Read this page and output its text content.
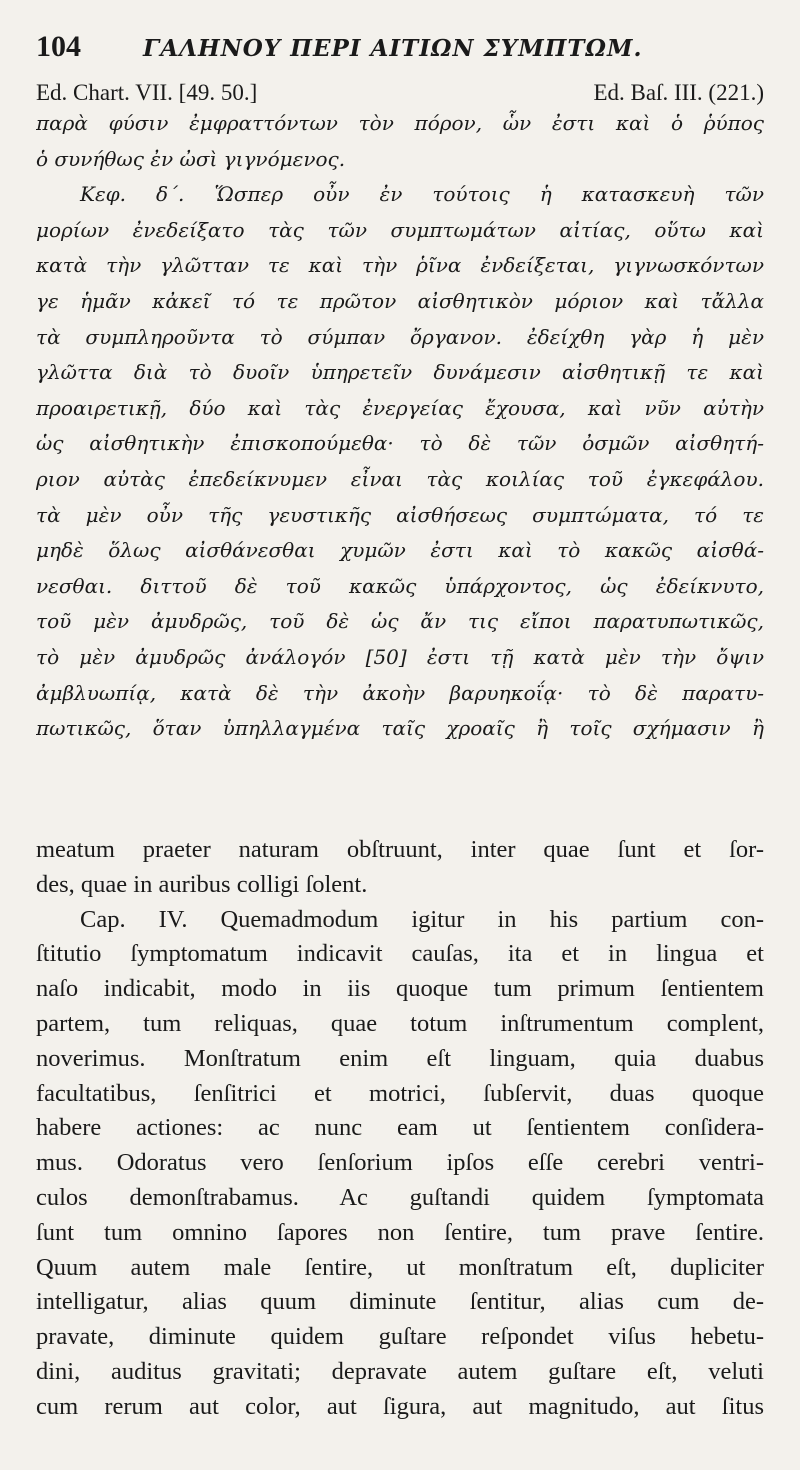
104	ΓΑΛΗΝΟΥ ΠΕΡΙ ΑΙΤΙΩΝ ΣΥΜΠΤΩΜ.
Ed. Chart. VII. [49. 50.]	Ed. Baſ. III. (221.)
παρὰ φύσιν ἐμφραττόντων τὸν πόρον, ὧν ἐστι καὶ ὁ ῥύπος
ὁ συνήθως ἐν ὠσὶ γιγνόμενος.
Κεφ. δ΄. Ὥσπερ οὖν ἐν τούτοις ἡ κατασκευὴ τῶν
μορίων ἐνεδείξατο τὰς τῶν συμπτωμάτων αἰτίας, οὕτω καὶ
κατὰ τὴν γλῶτταν τε καὶ τὴν ῥῖνα ἐνδείξεται, γιγνωσκόντων
γε ἡμᾶν κἀκεῖ τό τε πρῶτον αἰσθητικὸν μόριον καὶ τἄλλα
τὰ συμπληροῦντα τὸ σύμπαν ὄργανον. ἐδείχθη γὰρ ἡ μὲν
γλῶττα διὰ τὸ δυοῖν ὑπηρετεῖν δυνάμεσιν αἰσθητικῇ τε καὶ
προαιρετικῇ, δύο καὶ τὰς ἐνεργείας ἔχουσα, καὶ νῦν αὐτὴν
ὡς αἰσθητικὴν ἐπισκοπούμεθα· τὸ δὲ τῶν ὀσμῶν αἰσθητή-
ριον αὐτὰς ἐπεδείκνυμεν εἶναι τὰς κοιλίας τοῦ ἐγκεφάλου.
τὰ μὲν οὖν τῆς γευστικῆς αἰσθήσεως συμπτώματα, τό τε
μηδὲ ὅλως αἰσθάνεσθαι χυμῶν ἐστι καὶ τὸ κακῶς αἰσθά-
νεσθαι. διττοῦ δὲ τοῦ κακῶς ὑπάρχοντος, ὡς ἐδείκνυτο,
τοῦ μὲν ἀμυδρῶς, τοῦ δὲ ὡς ἄν τις εἴποι παρατυπωτικῶς,
τὸ μὲν ἀμυδρῶς ἀνάλογόν [50] ἐστι τῇ κατὰ μὲν τὴν ὄψιν
ἀμβλυωπίᾳ, κατὰ δὲ τὴν ἀκοὴν βαρυηκοΐᾳ· τὸ δὲ παρατυ-
πωτικῶς, ὅταν ὑπηλλαγμένα ταῖς χροαῖς ἢ τοῖς σχήμασιν ἢ
meatum praeter naturam obſtruunt, inter quae ſunt et ſor-
des, quae in auribus colligi ſolent.
Cap. IV. Quemadmodum igitur in his partium con-
ſtitutio ſymptomatum indicavit cauſas, ita et in lingua et
naſo indicabit, modo in iis quoque tum primum ſentientem
partem, tum reliquas, quae totum inſtrumentum complent,
noverimus. Monſtratum enim eſt linguam, quia duabus
facultatibus, ſenſitrici et motrici, ſubſervit, duas quoque
habere actiones: ac nunc eam ut ſentientem conſidera-
mus. Odoratus vero ſenſorium ipſos eſſe cerebri ventri-
culos demonſtrabamus. Ac guſtandi quidem ſymptomata
ſunt tum omnino ſapores non ſentire, tum prave ſentire.
Quum autem male ſentire, ut monſtratum eſt, dupliciter
intelligatur, alias quum diminute ſentitur, alias cum de-
pravate, diminute quidem guſtare reſpondet viſus hebetu-
dini, auditus gravitati; depravate autem guſtare eſt, veluti
cum rerum aut color, aut ſigura, aut magnitudo, aut ſitus
